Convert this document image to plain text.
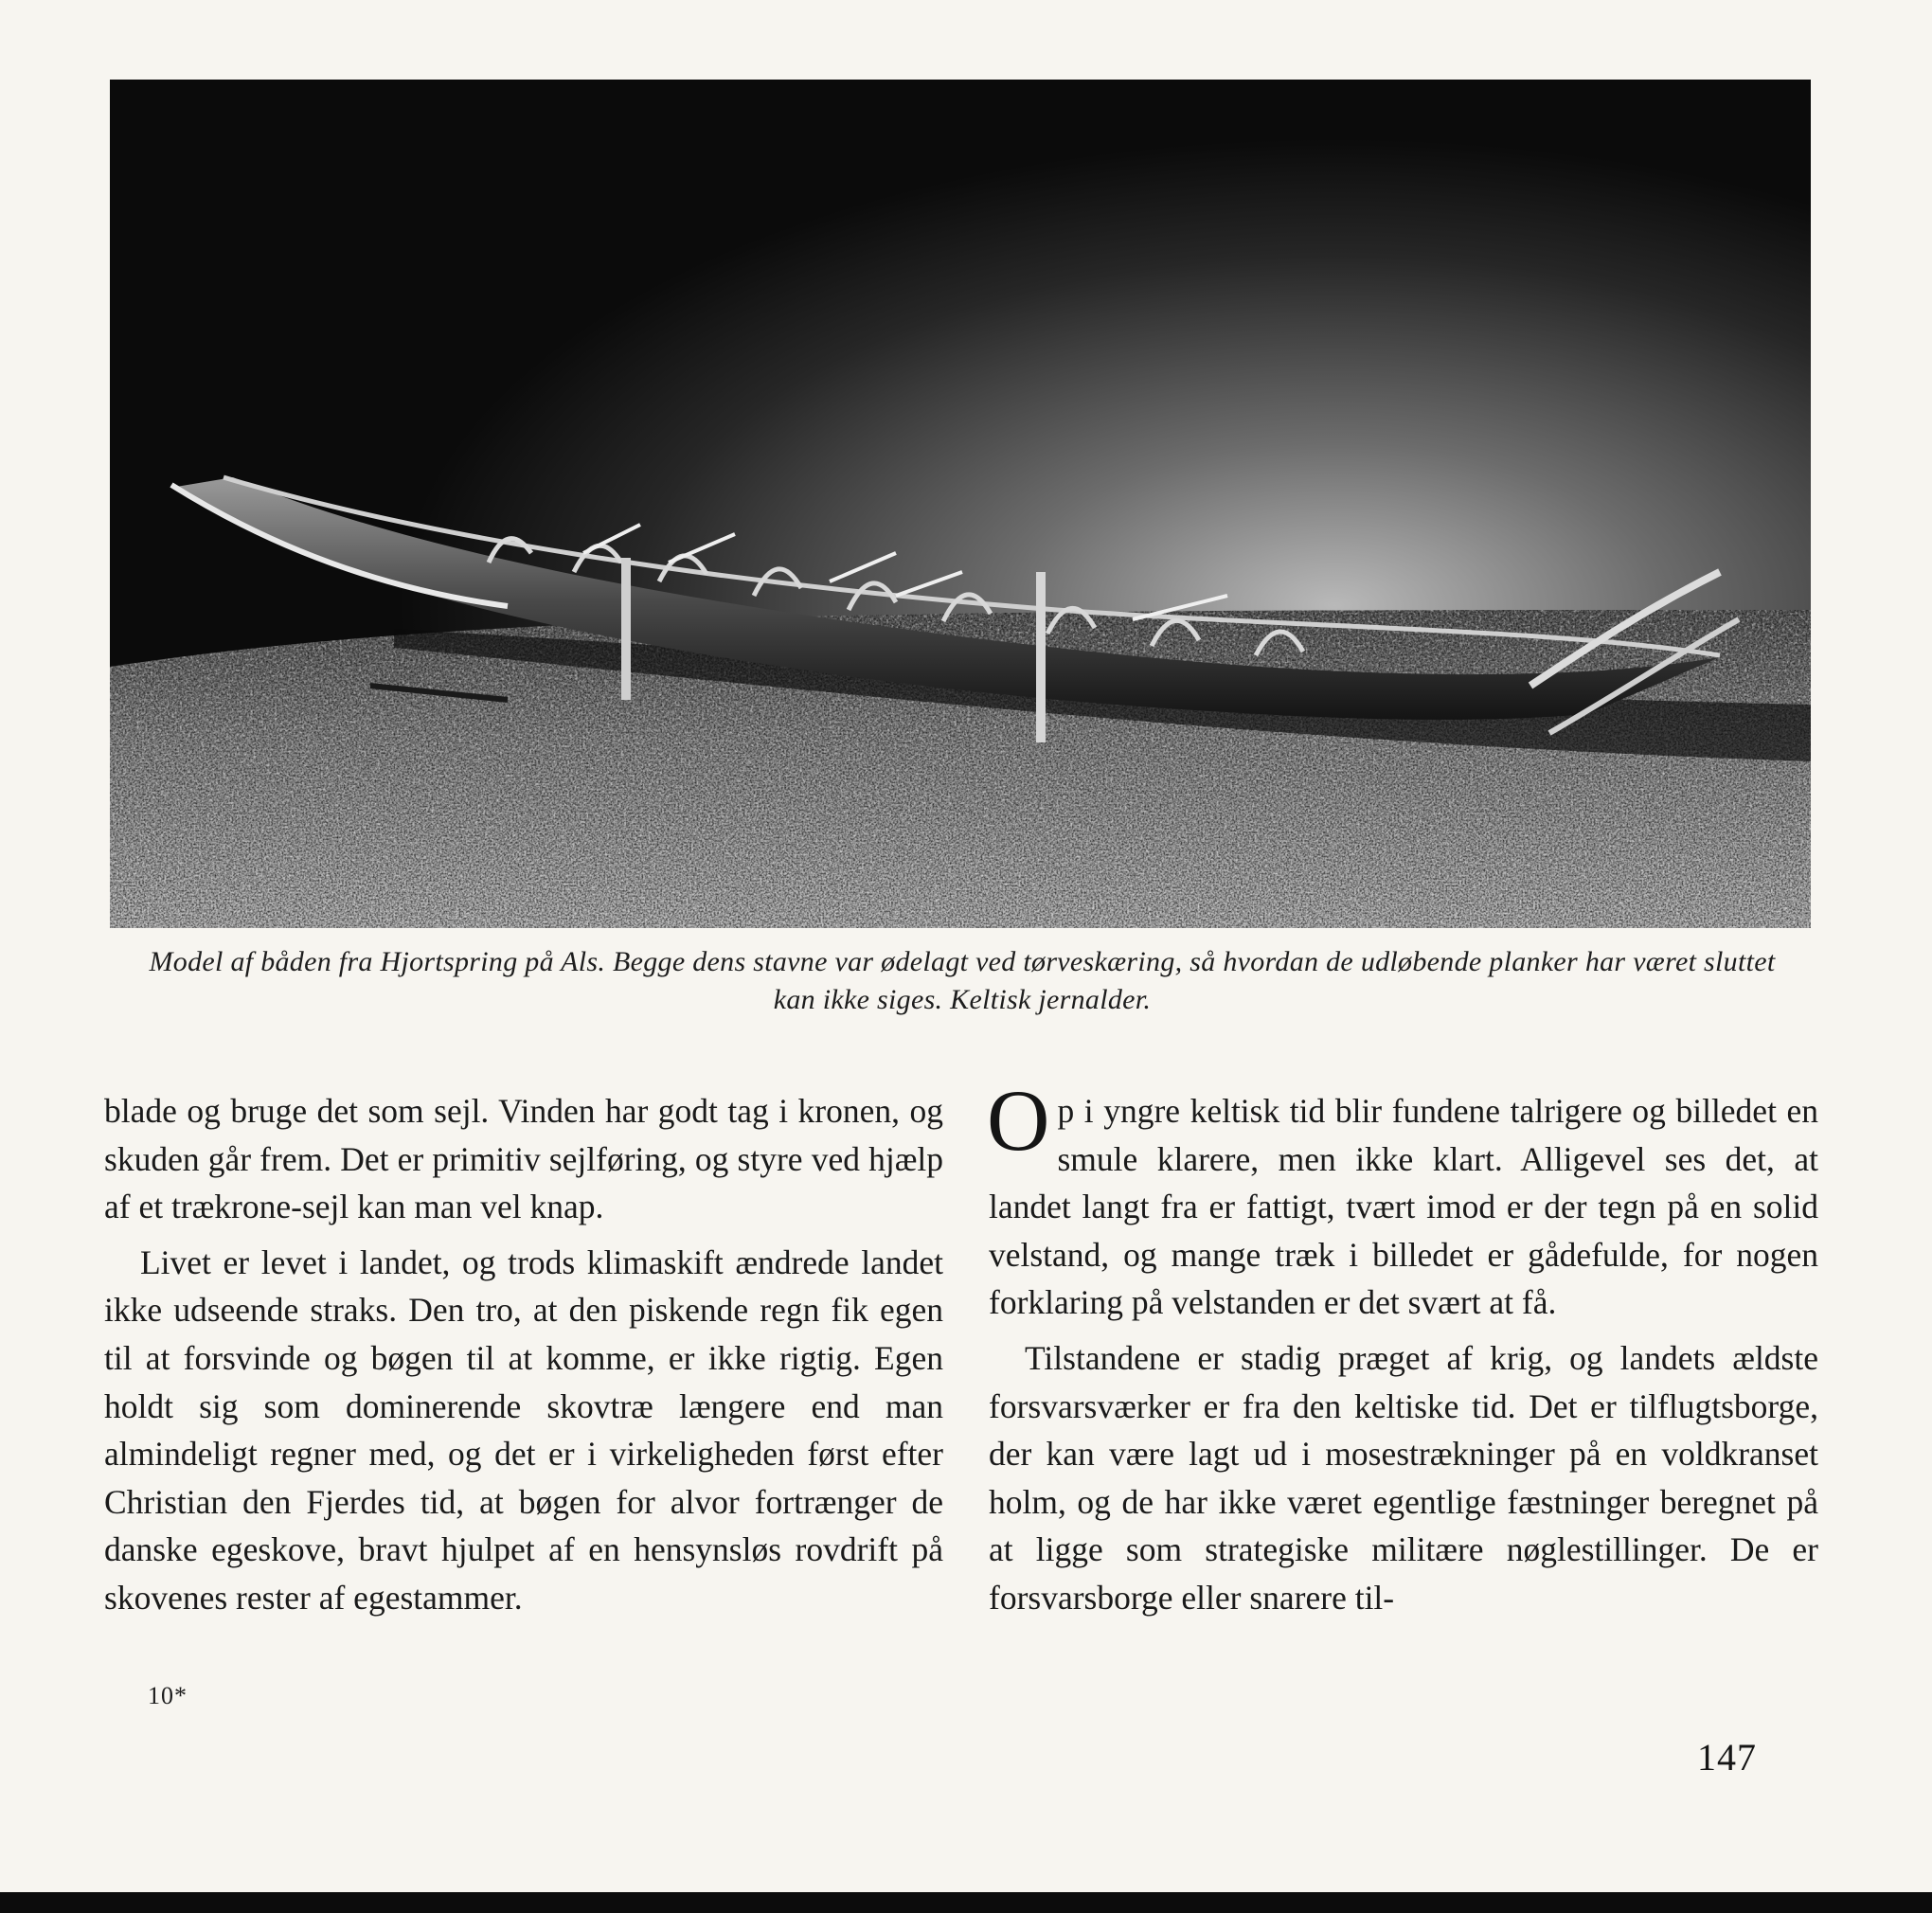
Model af båden fra Hjortspring på Als. Begge dens stavne var ødelagt ved tørveskæring, så hvordan de udløbende planker har været sluttet
kan ikke siges. Keltisk jernalder.

blade og bruge det som sejl. Vinden har godt tag i kronen, og skuden går frem. Det er primitiv sejlføring, og styre ved hjælp af et trækrone-sejl kan man vel knap.

Livet er levet i landet, og trods klimaskift ændrede landet ikke udseende straks. Den tro, at den piskende regn fik egen til at forsvinde og bøgen til at komme, er ikke rigtig. Egen holdt sig som dominerende skovtræ længere end man almindeligt regner med, og det er i virkeligheden først efter Christian den Fjerdes tid, at bøgen for alvor fortrænger de danske egeskove, bravt hjulpet af en hensynsløs rovdrift på skovenes rester af egestammer.

Op i yngre keltisk tid blir fundene talrigere og billedet en smule klarere, men ikke klart. Alligevel ses det, at landet langt fra er fattigt, tvært imod er der tegn på en solid velstand, og mange træk i billedet er gådefulde, for nogen forklaring på velstanden er det svært at få.

Tilstandene er stadig præget af krig, og landets ældste forsvarsværker er fra den keltiske tid. Det er tilflugtsborge, der kan være lagt ud i mosestrækninger på en voldkranset holm, og de har ikke været egentlige fæstninger beregnet på at ligge som strategiske militære nøglestillinger. De er forsvarsborge eller snarere til-

10*
147
